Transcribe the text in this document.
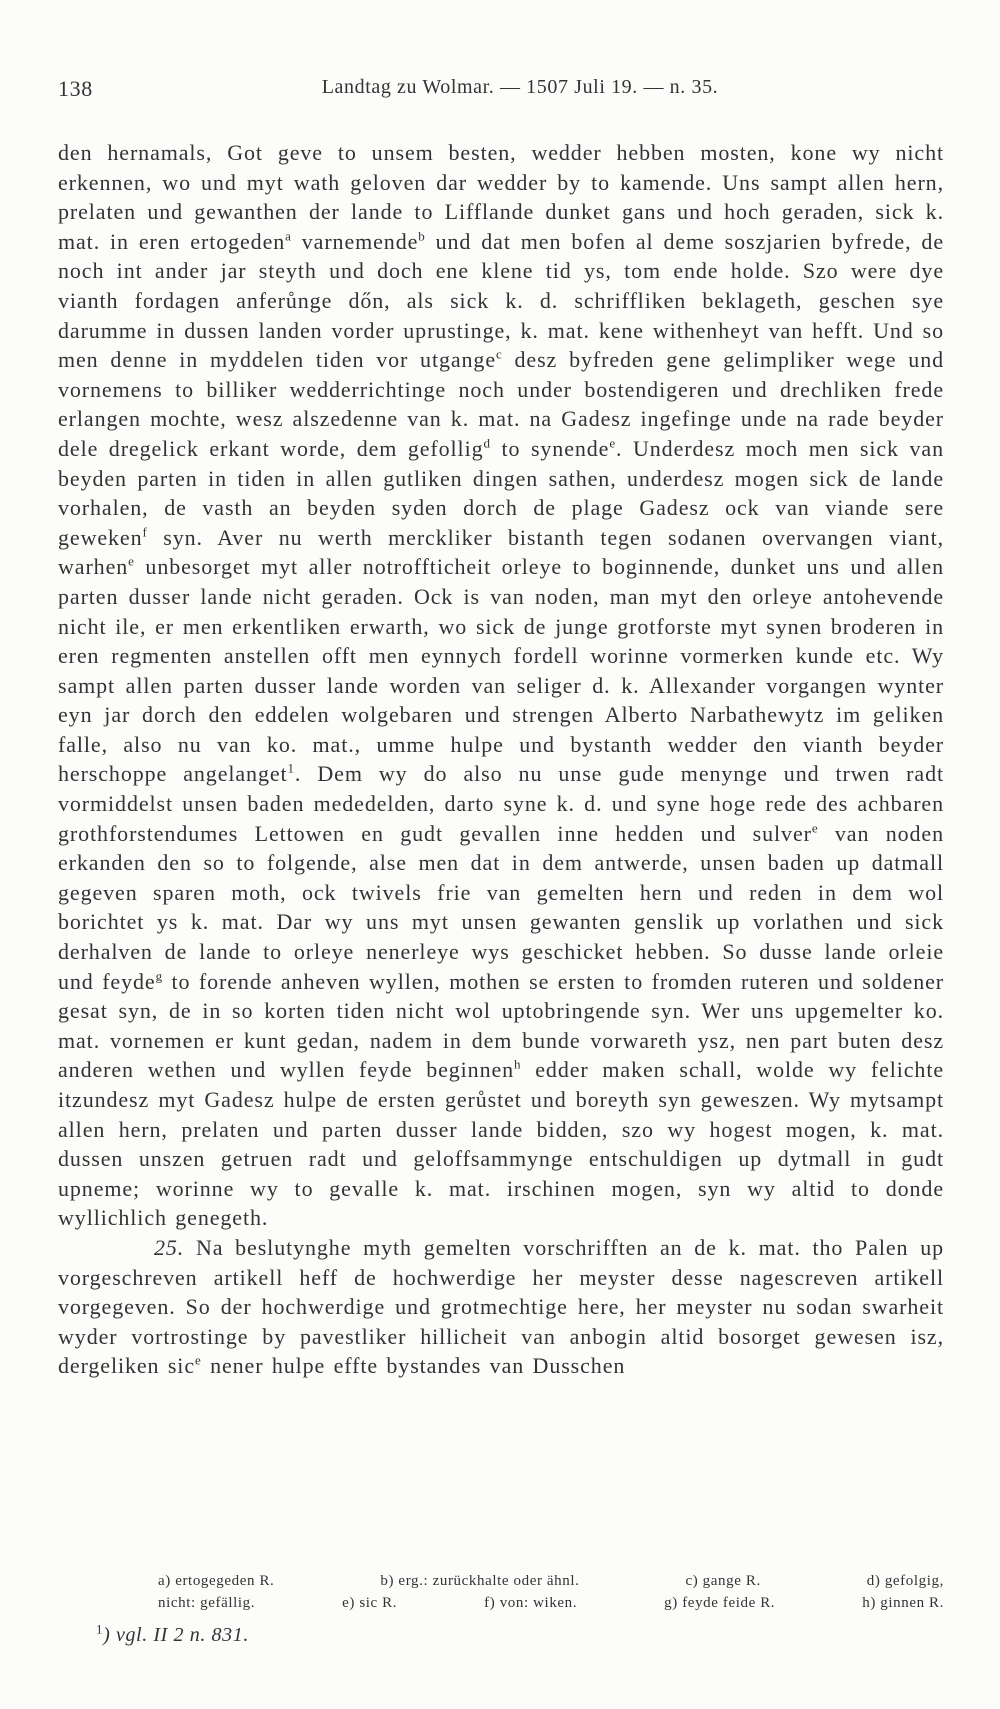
138	Landtag zu Wolmar. — 1507 Juli 19. — n. 35.

den hernamals, Got geve to unsem besten, wedder hebben mosten, kone wy nicht erkennen, wo und myt wath geloven dar wedder by to kamende. Uns sampt allen hern, prelaten und gewanthen der lande to Lifflande dunket gans und hoch geraden, sick k. mat. in eren ertogeden$^a$ varnemende$^b$ und dat men bofen al deme soszjarien byfrede, de noch int ander jar steyth und doch ene klene tid ys, tom ende holde. Szo were dye vianth fordagen anferůnge dőn, als sick k. d. schriffliken beklageth, geschen sye darumme in dussen landen vorder uprustinge, k. mat. kene withenheyt van hefft. Und so men denne in myddelen tiden vor utgange$^c$ desz byfreden gene gelimpliker wege und vornemens to billiker wedderrichtinge noch under bostendigeren und drechliken frede erlangen mochte, wesz alszedenne van k. mat. na Gadesz ingefinge unde na rade beyder dele dregelick erkant worde, dem gefollig$^d$ to synende$^e$. Underdesz moch men sick van beyden parten in tiden in allen gutliken dingen sathen, underdesz mogen sick de lande vorhalen, de vasth an beyden syden dorch de plage Gadesz ock van viande sere geweken$^f$ syn. Aver nu werth merckliker bistanth tegen sodanen overvangen viant, warhen$^e$ unbesorget myt aller notroffticheit orleye to boginnende, dunket uns und allen parten dusser lande nicht geraden. Ock is van noden, man myt den orleye antohevende nicht ile, er men erkentliken erwarth, wo sick de junge grotforste myt synen broderen in eren regmenten anstellen offt men eynnych fordell worinne vormerken kunde etc. Wy sampt allen parten dusser lande worden van seliger d. k. Allexander vorgangen wynter eyn jar dorch den eddelen wolgebaren und strengen Alberto Narbathewytz im geliken falle, also nu van ko. mat., umme hulpe und bystanth wedder den vianth beyder herschoppe angelanget$^1$. Dem wy do also nu unse gude menynge und trwen radt vormiddelst unsen baden mededelden, darto syne k. d. und syne hoge rede des achbaren grothforstendumes Lettowen en gudt gevallen inne hedden und sulver$^e$ van noden erkanden den so to folgende, alse men dat in dem antwerde, unsen baden up datmall gegeven sparen moth, ock twivels frie van gemelten hern und reden in dem wol borichtet ys k. mat. Dar wy uns myt unsen gewanten genslik up vorlathen und sick derhalven de lande to orleye nenerleye wys geschicket hebben. So dusse lande orleie und feyde$^g$ to forende anheven wyllen, mothen se ersten to fromden ruteren und soldener gesat syn, de in so korten tiden nicht wol uptobringende syn. Wer uns upgemelter ko. mat. vornemen er kunt gedan, nadem in dem bunde vorwareth ysz, nen part buten desz anderen wethen und wyllen feyde beginnen$^h$ edder maken schall, wolde wy felichte itzundesz myt Gadesz hulpe de ersten gerůstet und boreyth syn geweszen. Wy mytsampt allen hern, prelaten und parten dusser lande bidden, szo wy hogest mogen, k. mat. dussen unszen getruen radt und geloffsammynge entschuldigen up dytmall in gudt upneme; worinne wy to gevalle k. mat. irschinen mogen, syn wy altid to donde wyllichlich genegeth.

25. Na beslutynghe myth gemelten vorschrifften an de k. mat. tho Palen up vorgeschreven artikell heff de hochwerdige her meyster desse nagescreven artikell vorgegeven. So der hochwerdige und grotmechtige here, her meyster nu sodan swarheit wyder vortrostinge by pavestliker hillicheit van anbogin altid bosorget gewesen isz, dergeliken sic$^e$ nener hulpe effte bystandes van Dusschen

a) ertogegeden R.	b) erg.: zurückhalte oder ähnl.	c) gange R.	d) gefolgig,
nicht: gefällig.	e) sic R.	f) von: wiken.	g) feyde feide R.	h) ginnen R.
$^1$) vgl. II 2 n. 831.
